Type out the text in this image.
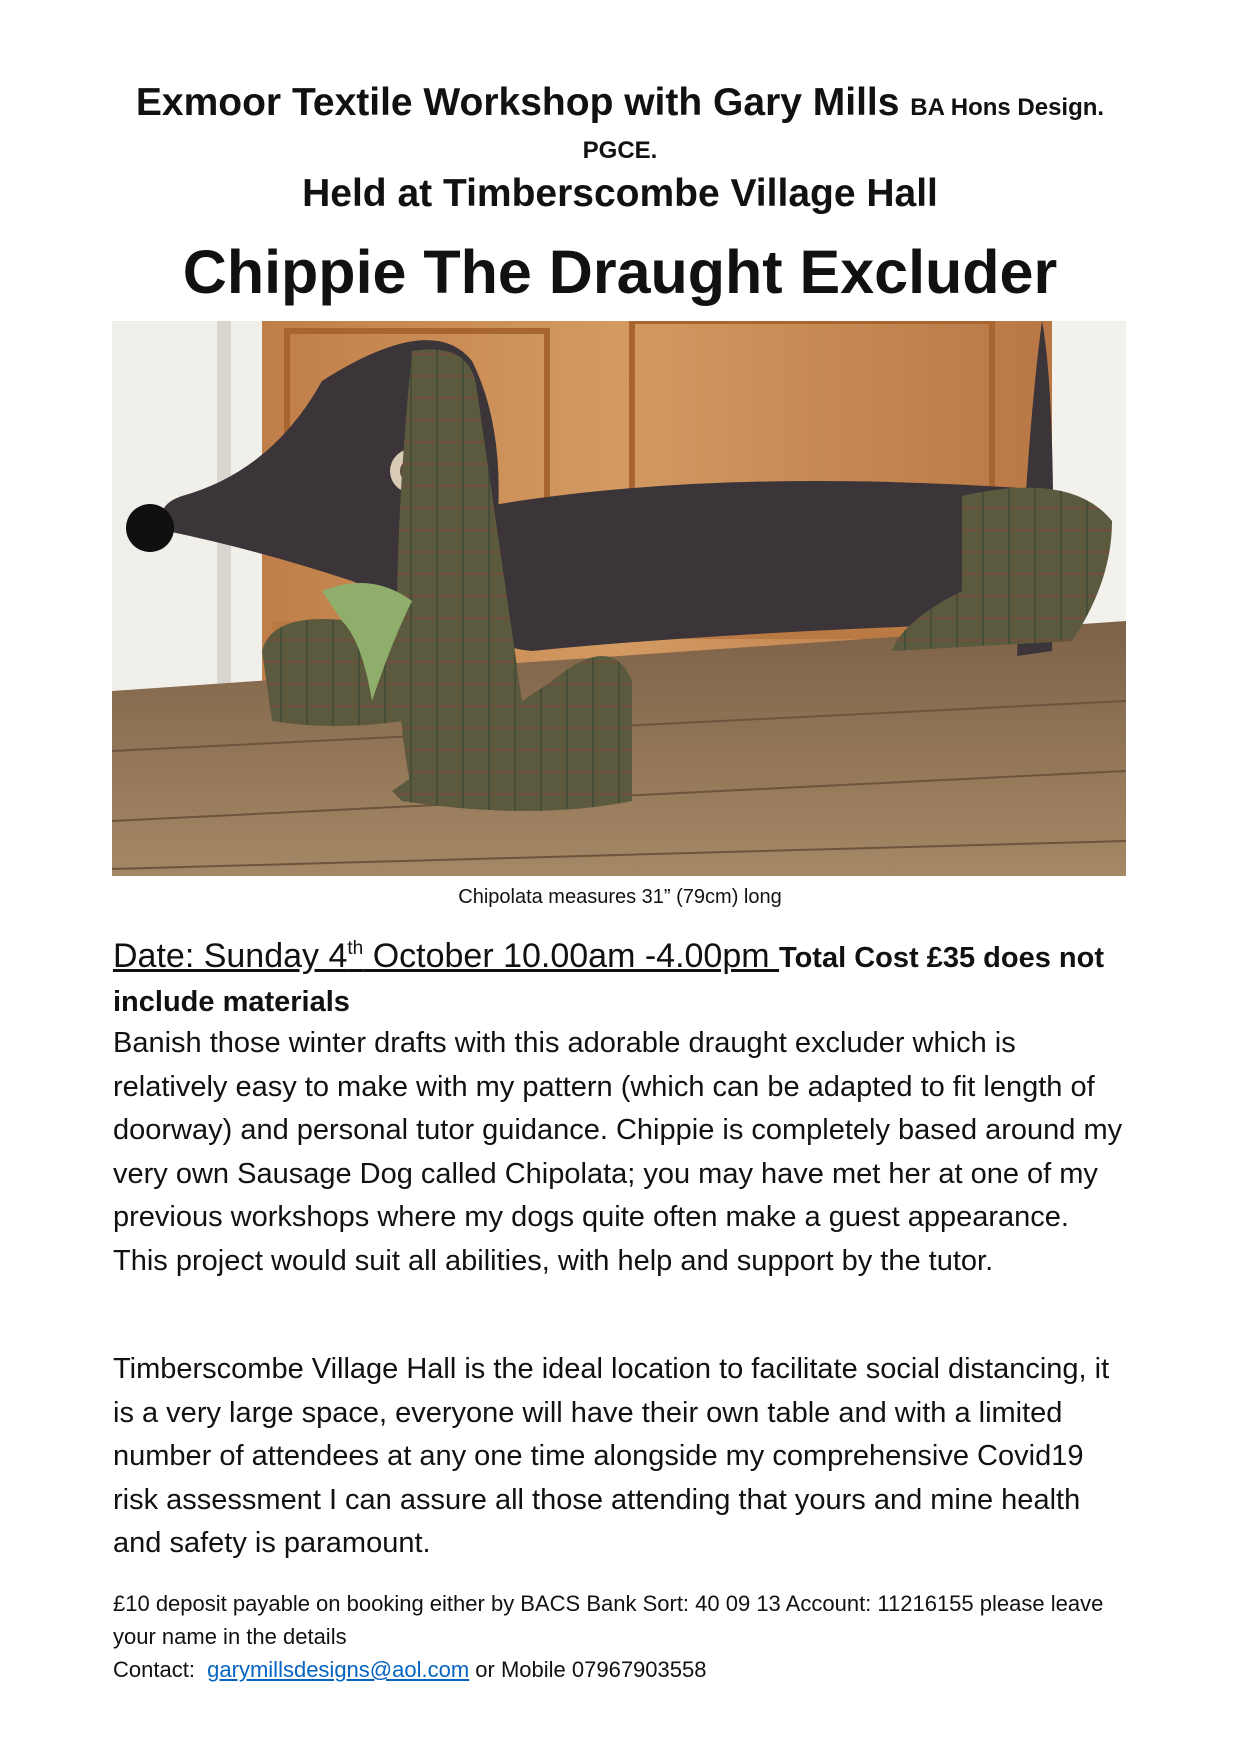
Exmoor Textile Workshop with Gary Mills BA Hons Design.
PGCE.
Held at Timberscombe Village Hall
Chippie The Draught Excluder
Chipolata measures 31” (79cm) long
Date: Sunday 4th October 10.00am -4.00pm Total Cost £35 does not include materials
Banish those winter drafts with this adorable draught excluder which is relatively easy to make with my pattern (which can be adapted to fit length of doorway) and personal tutor guidance. Chippie is completely based around my very own Sausage Dog called Chipolata; you may have met her at one of my previous workshops where my dogs quite often make a guest appearance.
This project would suit all abilities, with help and support by the tutor.
Timberscombe Village Hall is the ideal location to facilitate social distancing, it is a very large space, everyone will have their own table and with a limited number of attendees at any one time alongside my comprehensive Covid19 risk assessment I can assure all those attending that yours and mine health and safety is paramount.
£10 deposit payable on booking either by BACS Bank Sort: 40 09 13 Account: 11216155 please leave your name in the details
Contact: garymillsdesigns@aol.com or Mobile 07967903558
